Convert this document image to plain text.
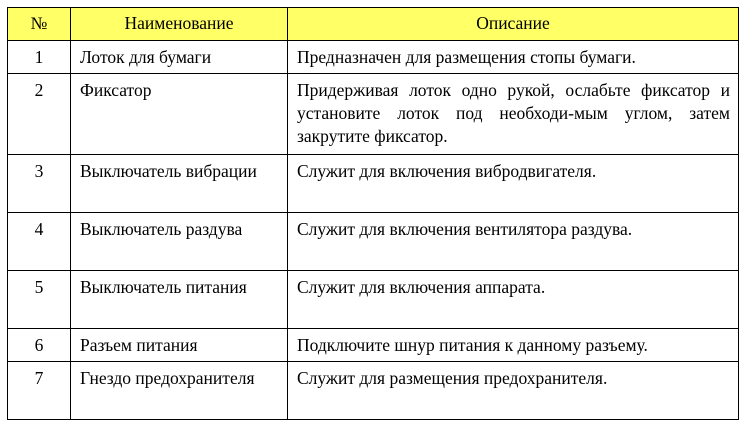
№	Наименование	Описание
1	Лоток для бумаги	Предназначен для размещения стопы бумаги.
2	Фиксатор	Придерживая лоток одно рукой, ослабьте фиксатор и установите лоток под необходи-мым углом, затем закрутите фиксатор.
3	Выключатель вибрации	Служит для включения вибродвигателя.
4	Выключатель раздува	Служит для включения вентилятора раздува.
5	Выключатель питания	Служит для включения аппарата.
6	Разъем питания	Подключите шнур питания к данному разъему.
7	Гнездо предохранителя	Служит для размещения предохранителя.
